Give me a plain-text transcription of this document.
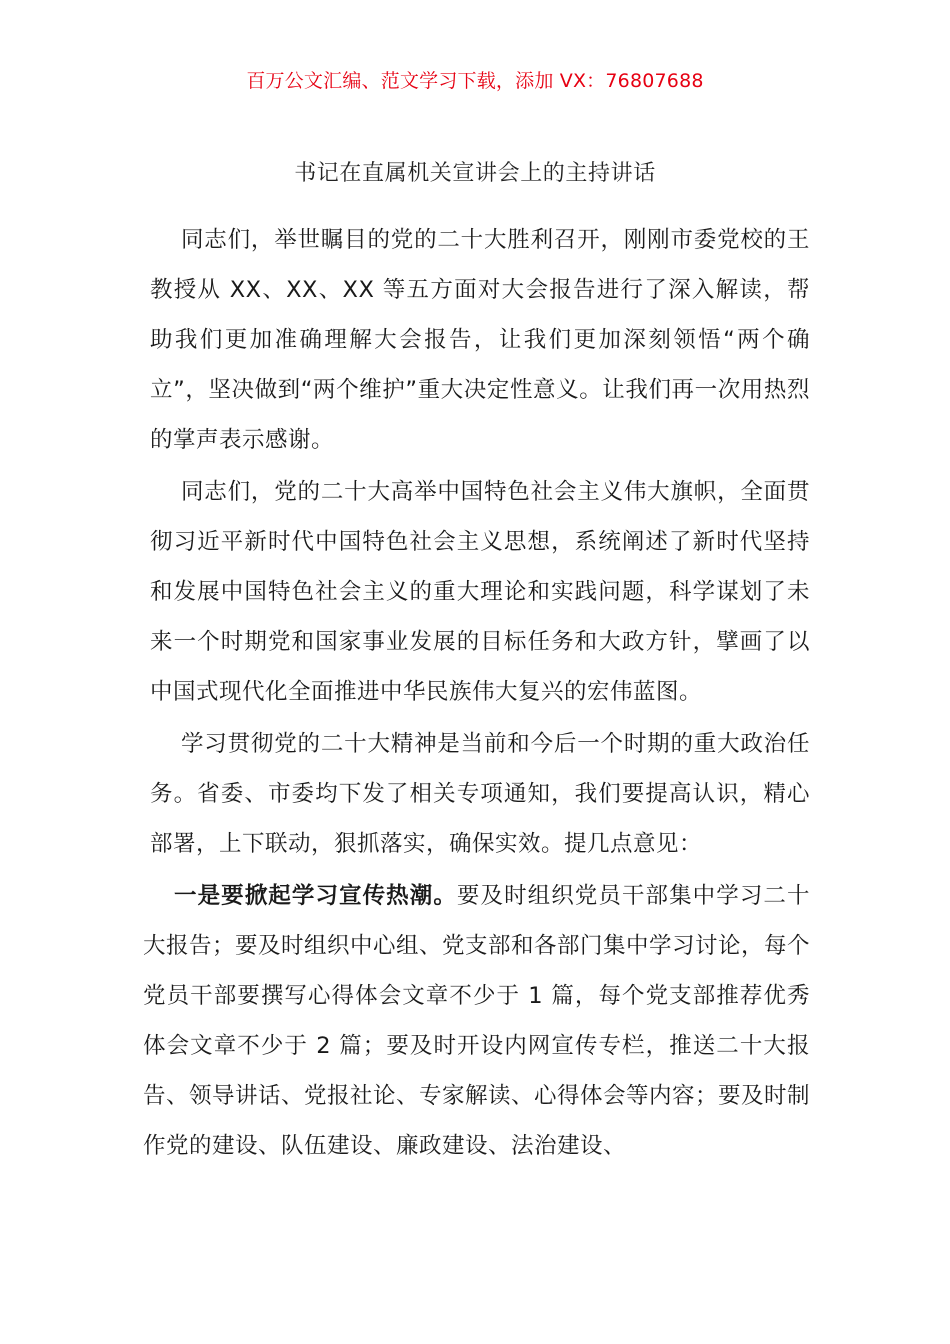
百万公文汇编、范文学习下载，添加 VX：76807688
书记在直属机关宣讲会上的主持讲话

同志们，举世瞩目的党的二十大胜利召开，刚刚市委党校的王教授从 XX、XX、XX 等五方面对大会报告进行了深入解读，帮助我们更加准确理解大会报告，让我们更加深刻领悟“两个确立”，坚决做到“两个维护”重大决定性意义。让我们再一次用热烈的掌声表示感谢。

同志们，党的二十大高举中国特色社会主义伟大旗帜，全面贯彻习近平新时代中国特色社会主义思想，系统阐述了新时代坚持和发展中国特色社会主义的重大理论和实践问题，科学谋划了未来一个时期党和国家事业发展的目标任务和大政方针，擘画了以中国式现代化全面推进中华民族伟大复兴的宏伟蓝图。

学习贯彻党的二十大精神是当前和今后一个时期的重大政治任务。省委、市委均下发了相关专项通知，我们要提高认识，精心部署，上下联动，狠抓落实，确保实效。提几点意见：

一是要掀起学习宣传热潮。要及时组织党员干部集中学习二十大报告；要及时组织中心组、党支部和各部门集中学习讨论，每个党员干部要撰写心得体会文章不少于 1 篇，每个党支部推荐优秀体会文章不少于 2 篇；要及时开设内网宣传专栏，推送二十大报告、领导讲话、党报社论、专家解读、心得体会等内容；要及时制作党的建设、队伍建设、廉政建设、法治建设、
